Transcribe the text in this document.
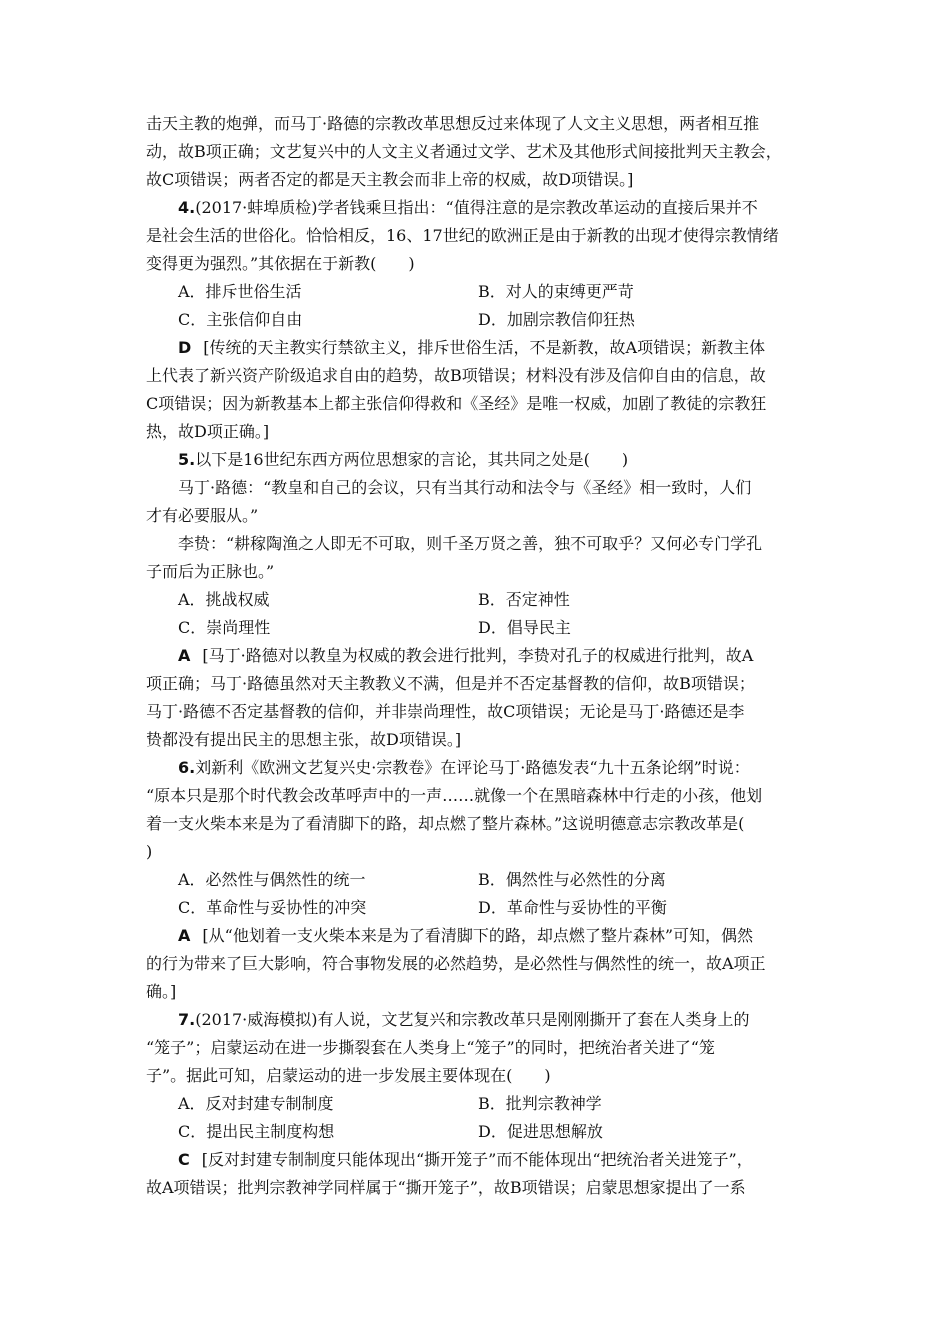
击天主教的炮弹，而马丁·路德的宗教改革思想反过来体现了人文主义思想，两者相互推
动，故B项正确；文艺复兴中的人文主义者通过文学、艺术及其他形式间接批判天主教会，
故C项错误；两者否定的都是天主教会而非上帝的权威，故D项错误。]
4.(2017·蚌埠质检)学者钱乘旦指出：“值得注意的是宗教改革运动的直接后果并不
是社会生活的世俗化。恰恰相反，16、17世纪的欧洲正是由于新教的出现才使得宗教情绪
变得更为强烈。”其依据在于新教(　　)
A．排斥世俗生活	B．对人的束缚更严苛
C．主张信仰自由	D．加剧宗教信仰狂热
D [传统的天主教实行禁欲主义，排斥世俗生活，不是新教，故A项错误；新教主体
上代表了新兴资产阶级追求自由的趋势，故B项错误；材料没有涉及信仰自由的信息，故
C项错误；因为新教基本上都主张信仰得救和《圣经》是唯一权威，加剧了教徒的宗教狂
热，故D项正确。]
5.以下是16世纪东西方两位思想家的言论，其共同之处是(　　)
马丁·路德：“教皇和自己的会议，只有当其行动和法令与《圣经》相一致时，人们
才有必要服从。”
李贽：“耕稼陶渔之人即无不可取，则千圣万贤之善，独不可取乎？又何必专门学孔
子而后为正脉也。”
A．挑战权威	B．否定神性
C．崇尚理性	D．倡导民主
A [马丁·路德对以教皇为权威的教会进行批判，李贽对孔子的权威进行批判，故A
项正确；马丁·路德虽然对天主教教义不满，但是并不否定基督教的信仰，故B项错误；
马丁·路德不否定基督教的信仰，并非崇尚理性，故C项错误；无论是马丁·路德还是李
贽都没有提出民主的思想主张，故D项错误。]
6.刘新利《欧洲文艺复兴史·宗教卷》在评论马丁·路德发表“九十五条论纲”时说：
“原本只是那个时代教会改革呼声中的一声……就像一个在黑暗森林中行走的小孩，他划
着一支火柴本来是为了看清脚下的路，却点燃了整片森林。”这说明德意志宗教改革是(
)
A．必然性与偶然性的统一	B．偶然性与必然性的分离
C．革命性与妥协性的冲突	D．革命性与妥协性的平衡
A [从“他划着一支火柴本来是为了看清脚下的路，却点燃了整片森林”可知，偶然
的行为带来了巨大影响，符合事物发展的必然趋势，是必然性与偶然性的统一，故A项正
确。]
7.(2017·威海模拟)有人说，文艺复兴和宗教改革只是刚刚撕开了套在人类身上的
“笼子”；启蒙运动在进一步撕裂套在人类身上“笼子”的同时，把统治者关进了“笼
子”。据此可知，启蒙运动的进一步发展主要体现在(　　)
A．反对封建专制制度	B．批判宗教神学
C．提出民主制度构想	D．促进思想解放
C [反对封建专制制度只能体现出“撕开笼子”而不能体现出“把统治者关进笼子”，
故A项错误；批判宗教神学同样属于“撕开笼子”，故B项错误；启蒙思想家提出了一系
